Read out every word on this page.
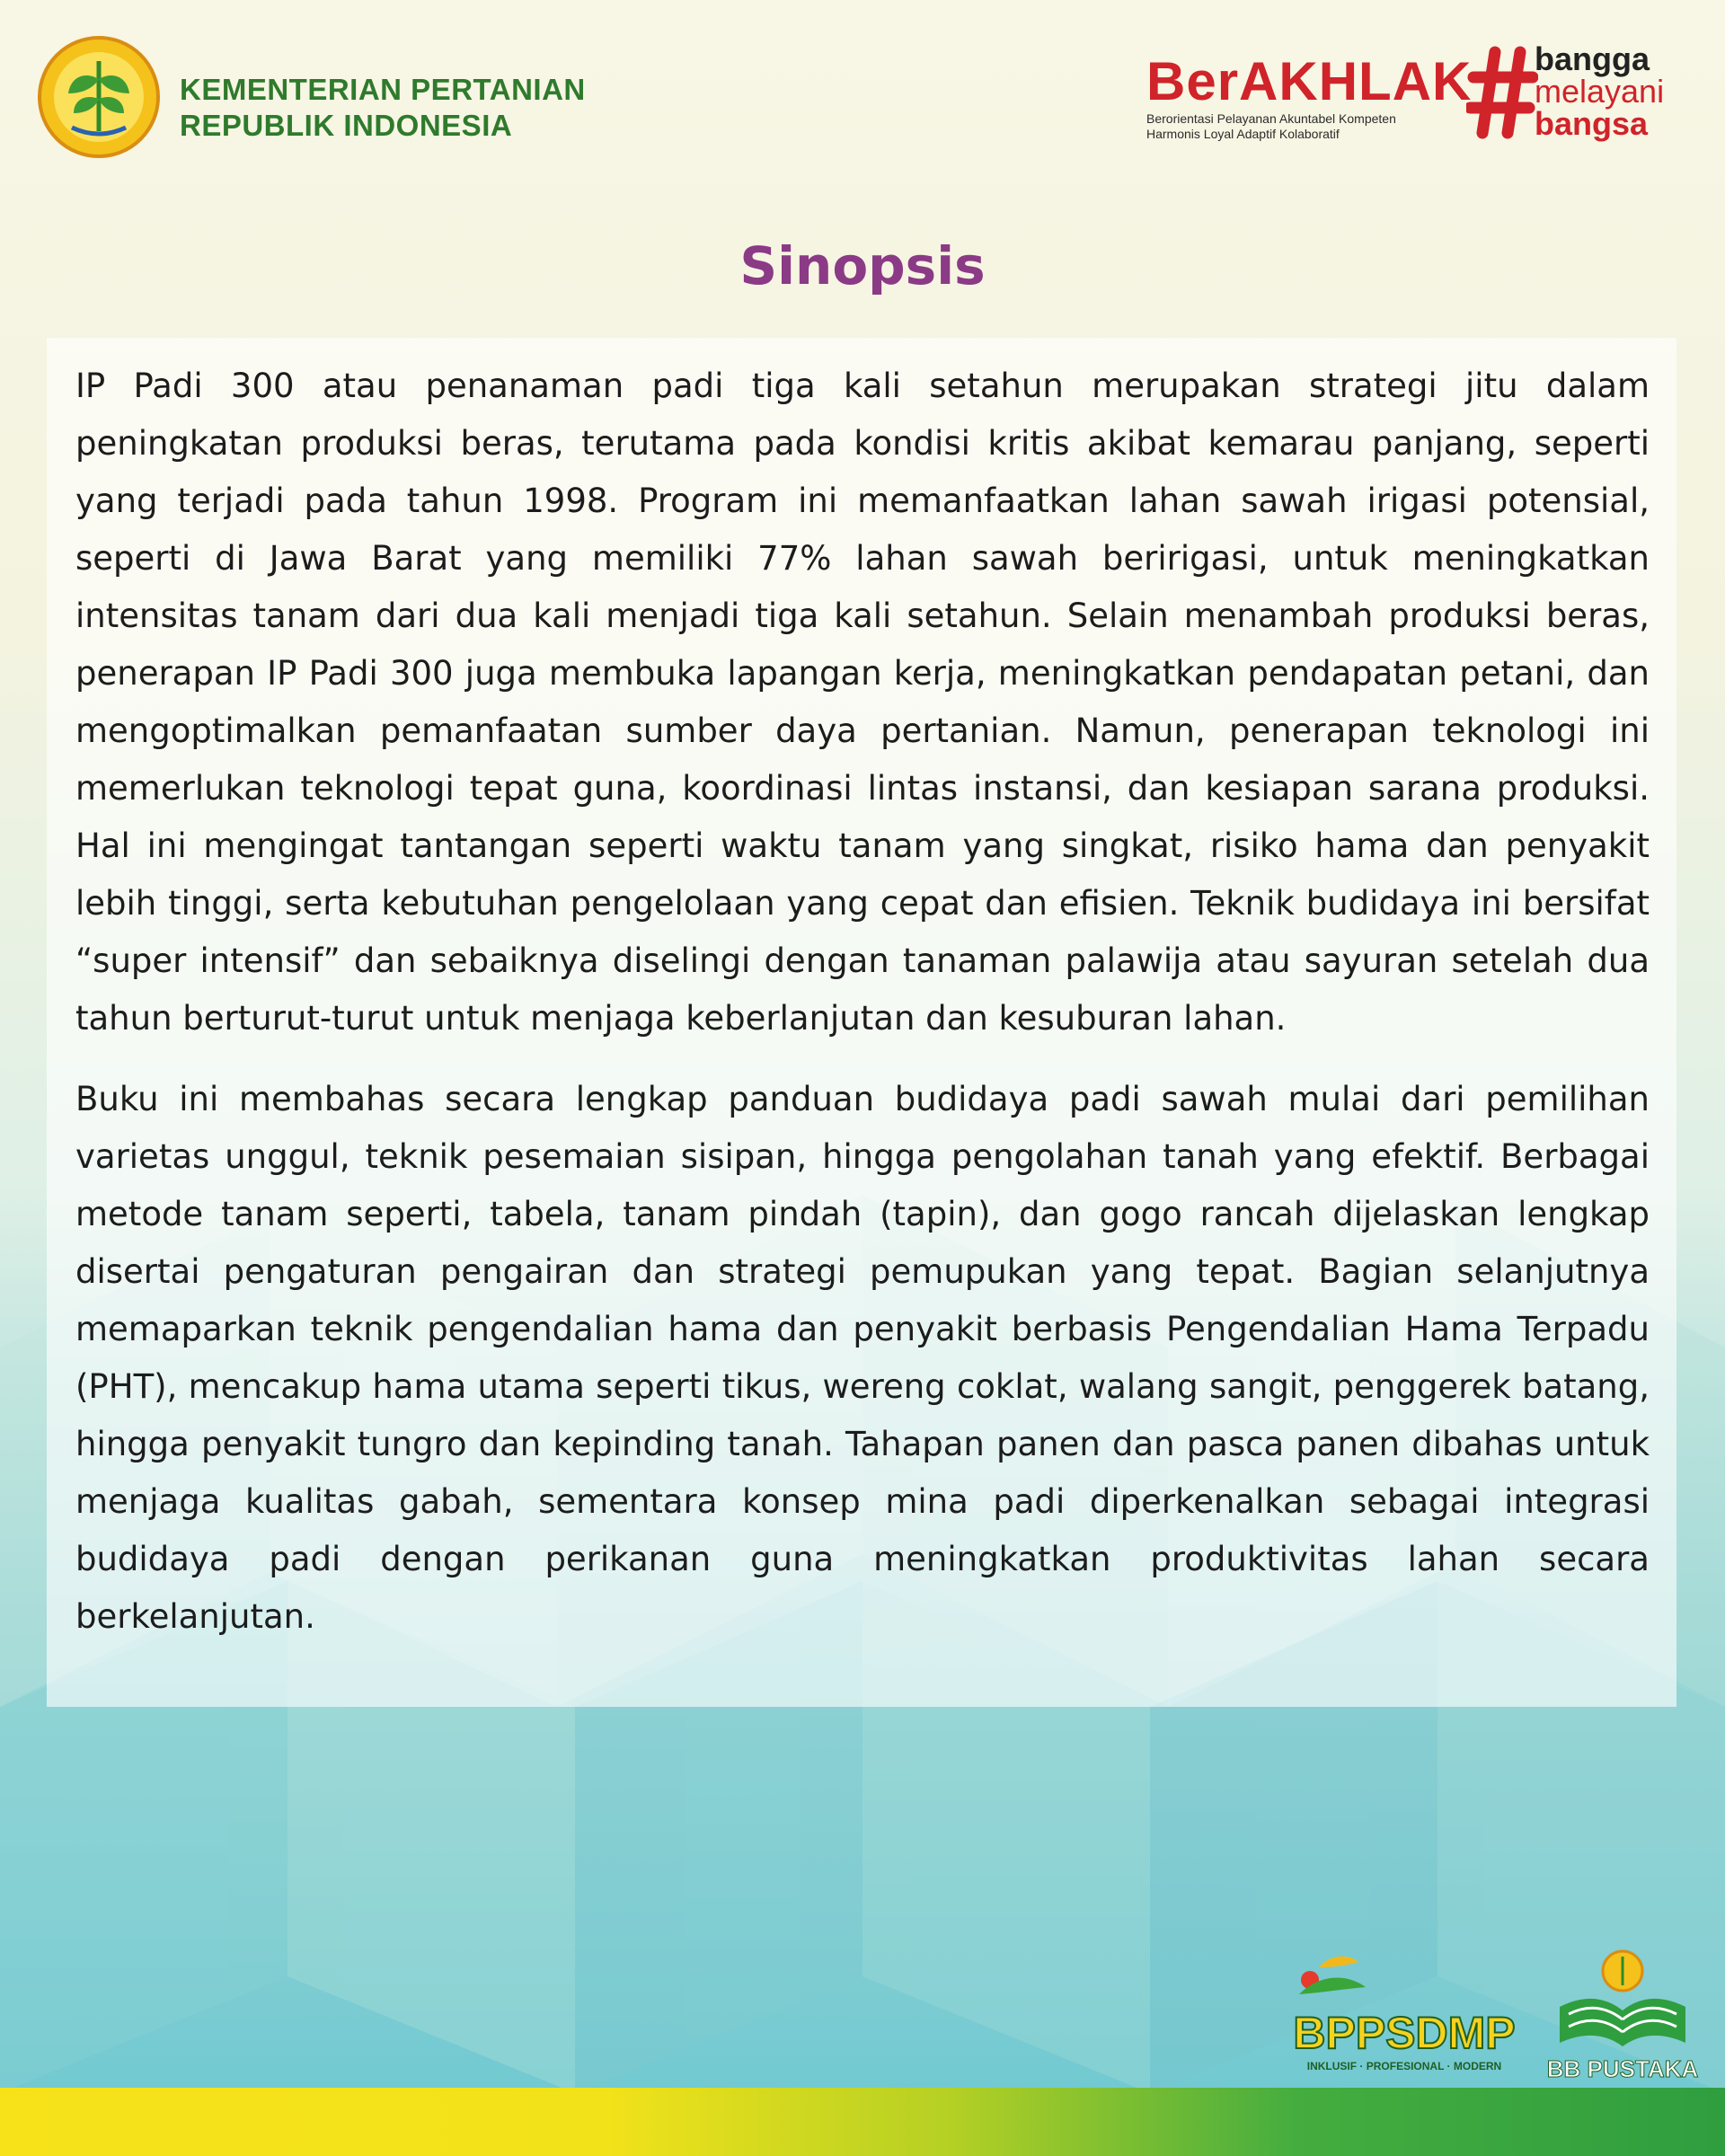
KEMENTERIAN PERTANIAN
REPUBLIK INDONESIA
BerAKHLAK
Berorientasi Pelayanan Akuntabel Kompeten
Harmonis Loyal Adaptif Kolaboratif
bangga
melayani
bangsa
Sinopsis

IP Padi 300 atau penanaman padi tiga kali setahun merupakan strategi jitu dalam peningkatan produksi beras, terutama pada kondisi kritis akibat kemarau panjang, seperti yang terjadi pada tahun 1998. Program ini memanfaatkan lahan sawah irigasi potensial, seperti di Jawa Barat yang memiliki 77% lahan sawah beririgasi, untuk meningkatkan intensitas tanam dari dua kali menjadi tiga kali setahun. Selain menambah produksi beras, penerapan IP Padi 300 juga membuka lapangan kerja, meningkatkan pendapatan petani, dan mengoptimalkan pemanfaatan sumber daya pertanian. Namun, penerapan teknologi ini memerlukan teknologi tepat guna, koordinasi lintas instansi, dan kesiapan sarana produksi. Hal ini mengingat tantangan seperti waktu tanam yang singkat, risiko hama dan penyakit lebih tinggi, serta kebutuhan pengelolaan yang cepat dan efisien. Teknik budidaya ini bersifat “super intensif” dan sebaiknya diselingi dengan tanaman palawija atau sayuran setelah dua tahun berturut-turut untuk menjaga keberlanjutan dan kesuburan lahan.

Buku ini membahas secara lengkap panduan budidaya padi sawah mulai dari pemilihan varietas unggul, teknik pesemaian sisipan, hingga pengolahan tanah yang efektif. Berbagai metode tanam seperti, tabela, tanam pindah (tapin), dan gogo rancah dijelaskan lengkap disertai pengaturan pengairan dan strategi pemupukan yang tepat. Bagian selanjutnya memaparkan teknik pengendalian hama dan penyakit berbasis Pengendalian Hama Terpadu (PHT), mencakup hama utama seperti tikus, wereng coklat, walang sangit, penggerek batang, hingga penyakit tungro dan kepinding tanah. Tahapan panen dan pasca panen dibahas untuk menjaga kualitas gabah, sementara konsep mina padi diperkenalkan sebagai integrasi budidaya padi dengan perikanan guna meningkatkan produktivitas lahan secara berkelanjutan.

BPPSDMP
INKLUSIF · PROFESIONAL · MODERN BB PUSTAKA
